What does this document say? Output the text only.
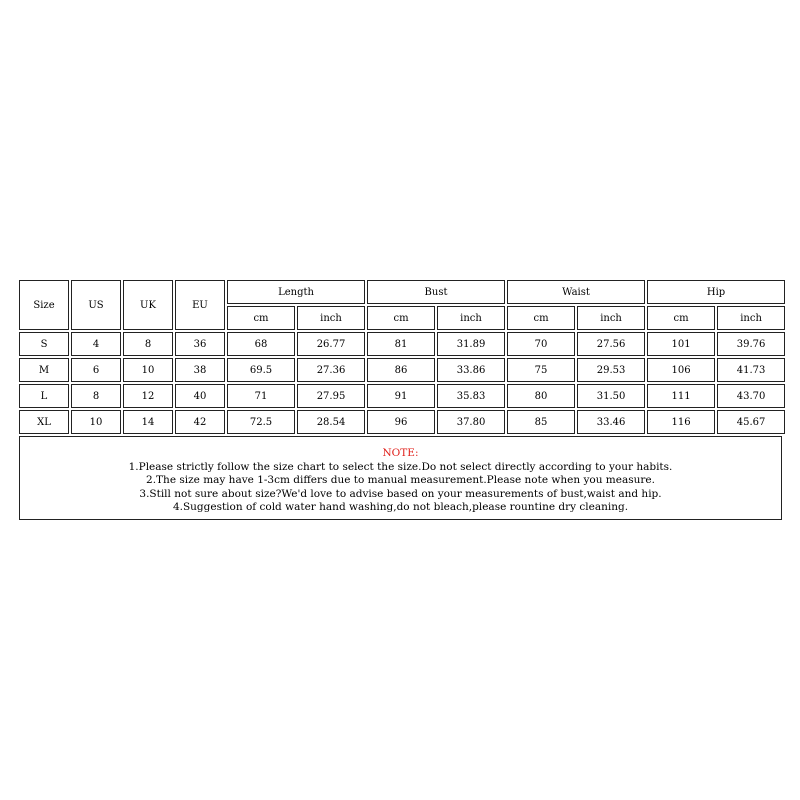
Size	US	UK	EU	Length		Bust		Waist		Hip	
				cm	inch	cm	inch	cm	inch	cm	inch
S	4	8	36	68	26.77	81	31.89	70	27.56	101	39.76
M	6	10	38	69.5	27.36	86	33.86	75	29.53	106	41.73
L	8	12	40	71	27.95	91	35.83	80	31.50	111	43.70
XL	10	14	42	72.5	28.54	96	37.80	85	33.46	116	45.67
NOTE:
1.Please strictly follow the size chart to select the size.Do not select directly according to your habits.
2.The size may have 1-3cm differs due to manual measurement.Please note when you measure.
3.Still not sure about size?We'd love to advise based on your measurements of bust,waist and hip.
4.Suggestion of cold water hand washing,do not bleach,please rountine dry cleaning.
